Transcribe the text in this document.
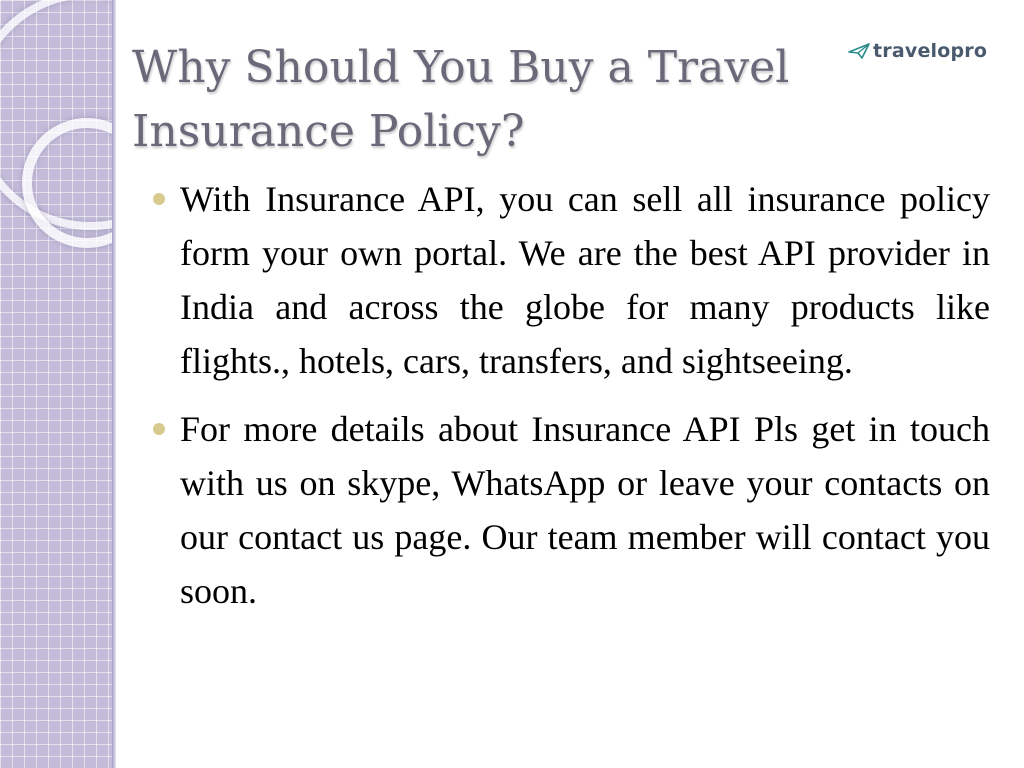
Why Should You Buy a Travel Insurance Policy?
travelopro
With Insurance API, you can sell all insurance policy form your own portal. We are the best API provider in India and across the globe for many products like flights., hotels, cars, transfers, and sightseeing.
For more details about Insurance API Pls get in touch with us on skype, WhatsApp or leave your contacts on our contact us page. Our team member will contact you soon.
